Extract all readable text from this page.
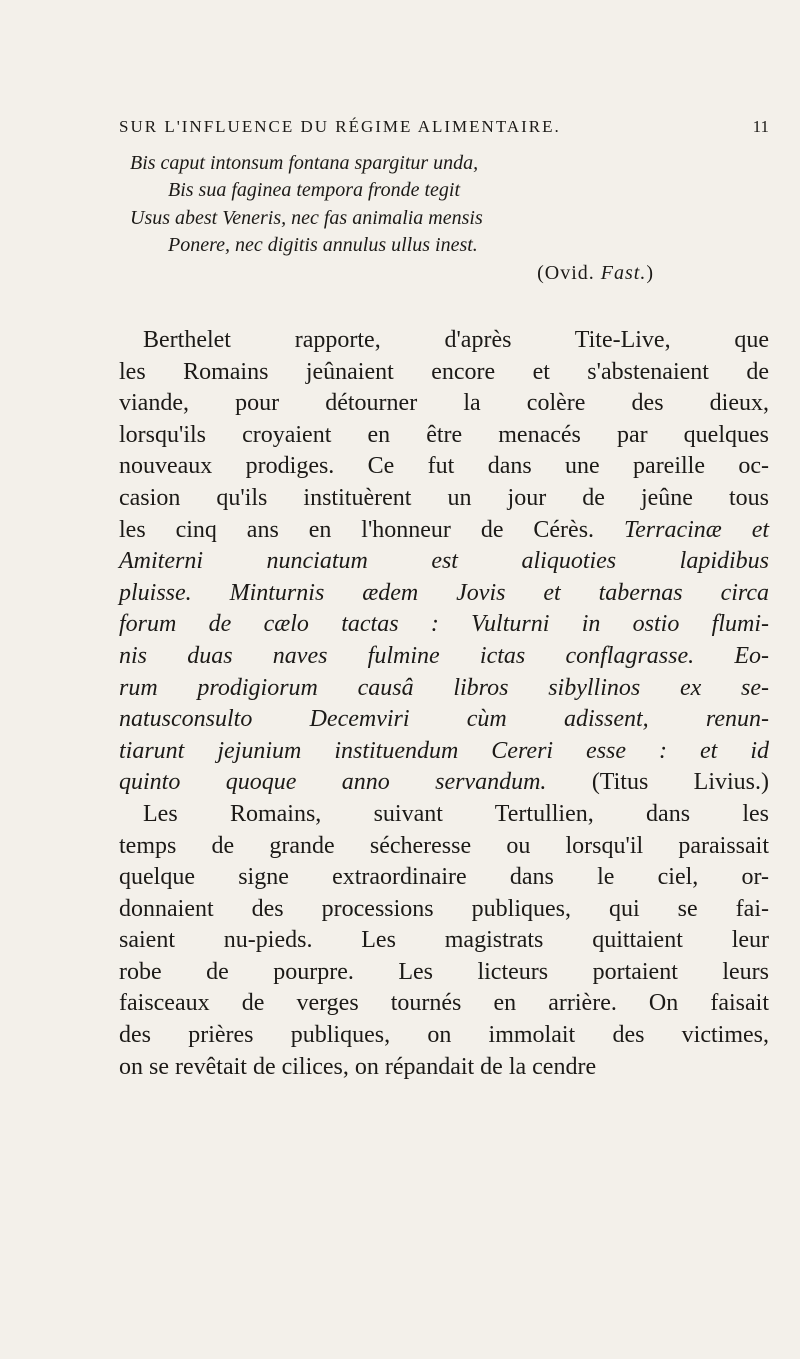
SUR L'INFLUENCE DU RÉGIME ALIMENTAIRE.	11
Bis caput intonsum fontana spargitur unda,
Bis sua faginea tempora fronde tegit
Usus abest Veneris, nec fas animalia mensis
Ponere, nec digitis annulus ullus inest.
(Ovid. Fast.)
Berthelet rapporte, d'après Tite-Live, que
les Romains jeûnaient encore et s'abstenaient de
viande, pour détourner la colère des dieux,
lorsqu'ils croyaient en être menacés par quelques
nouveaux prodiges. Ce fut dans une pareille oc-
casion qu'ils instituèrent un jour de jeûne tous
les cinq ans en l'honneur de Cérès. Terracinæ et
Amiterni nunciatum est aliquoties lapidibus
pluisse. Minturnis ædem Jovis et tabernas circa
forum de cælo tactas : Vulturni in ostio flumi-
nis duas naves fulmine ictas conflagrasse. Eo-
rum prodigiorum causâ libros sibyllinos ex se-
natusconsulto Decemviri cùm adissent, renun-
tiarunt jejunium instituendum Cereri esse : et id
quinto quoque anno servandum. (Titus Livius.)
Les Romains, suivant Tertullien, dans les
temps de grande sécheresse ou lorsqu'il paraissait
quelque signe extraordinaire dans le ciel, or-
donnaient des processions publiques, qui se fai-
saient nu-pieds. Les magistrats quittaient leur
robe de pourpre. Les licteurs portaient leurs
faisceaux de verges tournés en arrière. On faisait
des prières publiques, on immolait des victimes,
on se revêtait de cilices, on répandait de la cendre
